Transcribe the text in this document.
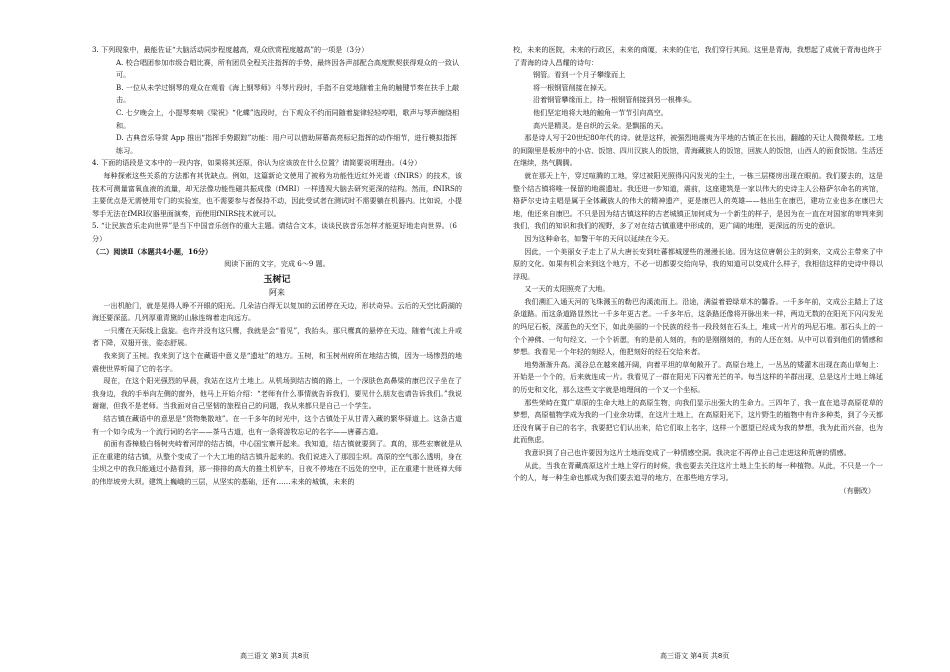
3. 下列现象中，最能佐证“大脑活动同步程度越高，观众欣赏程度越高”的一项是（3分）

A. 校合唱团参加市级合唱比赛，所有团员全程关注指挥的手势，最终因各声部配合高度默契获得观众的一致认可。

B. 一位从未学过钢琴的观众在观看《海上钢琴师》斗琴片段时，手指不自觉地随着主角的触键节奏在扶手上敲击。

C. 七夕晚会上，小提琴奏响《梁祝》“化蝶”选段时，台下观众不约而同随着旋律轻轻哼唱，歌声与琴声缠绕相和。

D. 古典音乐导赏 App 推出“指挥手势跟踪”功能：用户可以借助屏幕高亮标记指挥的动作细节，进行模拟指挥练习。

4. 下面的语段是文本中的一段内容，如果将其还原，你认为应该放在什么位置？请简要说明理由。（4分）

每种探索这些关系的方法都有其优缺点。例如，这篇新论文使用了被称为功能性近红外光谱（fNIRS）的技术，该技术可测量富氧血液的流量，却无法像功能性磁共振成像（fMRI）一样透视大脑去研究更深的结构。然而，fNIRS的主要优点是无需使用专门的实验室，也不需要参与者保持不动，因此受试者在测试时不需要躺在机器内。比如说，小提琴手无法在fMRI仪器里面演奏，而使用fNIRS技术就可以。

5. “让民族音乐走向世界”是当下中国音乐创作的重大主题。请结合文本，谈谈民族音乐怎样才能更好地走向世界。（6分）

（二）阅读Ⅱ（本题共4小题，16分）

阅读下面的文字，完成 6～9 题。

玉树记

阿来

一出机舱门，就是晃得人睁不开眼的阳光。几朵洁白得无以复加的云团停在天边，形状奇异。云后的天空比蔚湖的海还要深蓝。几列厚重青黛的山脉连绵着走向远方。

一只鹰在天际线上盘旋。也许并没有这只鹰，我就是会“看见”，我抬头，那只鹰真的悬停在天边，随着气流上升或者下降，双翅开张，姿态舒展。

我来到了玉树。我来到了这个在藏语中意义是“遗址”的地方。玉树，和玉树州府所在地结古镇，因为一场惨烈的地震使世界听闻了它的名字。

现在，在这个阳光强烈的早晨，我站在这片土地上。从机场到结古镇的路上，一个深肤色高鼻梁的康巴汉子坐在了我身边，我的手举向左侧的窗外，他马上开始介绍：“老师有什么事情就告诉我们，要见什么朋友也请告诉我们。”我说谢谢，但我不是老师。当我面对自己坚韧的旅程自己的问题，我从来都只是自己一个学生。

结古镇在藏语中的意思是“货物集散地”。在一千多年的时光中，这个古镇处于从甘青入藏的繁华驿道上。这条古道有一个如今成为一个流行词的名字——茶马古道，也有一条将游牧忘记的名字——唐蕃古道。

前面有香樟般白杨树夹峙着河岸的结古镇，中心国宝寨开起来。我知道，结古镇就要到了。真的，那些宏寨就是从正在重建的结古镇，从整个变成了一个大工地的结古镇升起来的。我们说进入了那园尘坝。高原的空气那么透明，身在尘坝之中的我只能通过小路看到，那一排排的高大的推土机铲车，日夜不停地在不远处的空中，正在重建十世班禅大师的伟岸坡旁大坝。建筑上巍峨的三层，从坚实的基础，还有……未来的城镇，未来的

校，未来的医院，未来的行政区，未来的商厦，未来的住宅，我们穿行其间。这里是青海，我想起了成就于青海也终于了青海的诗人昌耀的诗句：

钢管。看到一个月子攀缘而上

将一根钢管削接在掉天。

沿着钢管攀缘而上，持一根钢管削接到另一根榫头。

他们坚定地将大地的触角一节节引向高空。

高兴是精灵。是自织的云朵。是飘摇的天。

那是诗人写于20世纪80年代的诗。就是这样，被强烈地震夷为平地的古镇正在长出，翻越的天让人微微晕眩。工地的间隙里是板房中的小店、饭馆、四川汉族人的饭馆，青海藏族人的饭馆，回族人的饭馆，山西人的面食饭馆。生活还在继续，热气腾腾。

就在那天上午，穿过喧腾的工地，穿过被阳光照得闪闪发光的尘土，一栋三层楼房出现在眼前。我们要去的，这是整个结古镇将唯一保留的地震遗址。我还进一步知道，震前，这座建筑是一家以伟大的史诗主人公格萨尔命名的宾馆，格萨尔史诗主唱是属于全体藏族人的伟大的精神遗产，更是康巴人的英雄——他出生在康巴，建功立业也多在康巴大地，他还来自康巴。不只是因为结古镇这样的古老城镇正加何成为一个新生的样子，是因为在一直在对国家的审判来到我们，我们的知识和我们的视野，多了对在结古镇重建中形成的，更广阔的地理，更深远的历史的意识。

因为这种命名，如警干年的天问以延续在今天。

因此，一个美丽女子走上了从大唐长安到吐蕃都城逻些的漫漫长途。因为这位唐朝公主的到来，文成公主带来了中原的文化。如果有机会来到这个地方，不必一切都要交给向导，我的知道可以变成什么样子，我相信这样的史诗中得以浮现。

又一天的太阳照亮了大地。

我们溯汇入通天河的飞珠溅玉的勒巴沟溪流而上。沿途，满溢着碧绿草木的馨香。一千多年前，文成公主踏上了这条道路。而这条道路显然比一千多年更古老。一千多年后，这条路还像将开脉出来一样，两边无数的在阳光下闪闪发光的玛尼石板，深蓝色的天空下，如此美丽的一个民族的经书一段段刻在石头上，堆成一片片的玛尼石堆。那石头上的一个个神佛、一句句经文、一个个祈愿，有的是前人刻的，有的是刚刚刻的，有的人还在刻。从中可以看到他们的情感和梦想。我看见一个年轻的刻经人，他把刻好的经石交给来者。

地势渐渐升高。溪谷总在越来越开阔，向着平坦的草甸敞开了。高原台地上，一丛丛的矮灌木出现在高山草甸上：开始是一个个的，后来就连成一片。我看见了一群在阳光下闪着光芒的羊。每当这样的羊群出现，总是这片土地上绵延的历史和文化，那么这些文字就是地理间的一个又一个坐标。

那些荣峙在寬广草原的生命大地上的高原生物，向我们显示出强大的生命力。三四年了，我一直在追寻高原花草的梦想，高原植物学成为我的一门业余功课，在这片土地上，在高原阳光下，这片野生的植物中有许多种类，到了今天都还没有属于自己的名字，我要把它们认出来，给它们取上名字，这样一个愿望已经成为我的梦想，我为此而兴奋，也为此而焦虑。

我意识到了自己也许要因为这片土地而变成了一种情感空洞。我决定不再停止自己走进这种荒唐的情感。

从此，当我在青藏高原这片土地上穿行的时候，我也要去关注这片土地上生长的每一种植物。从此，不只是一个一个的人，每一种生命也都成为我们要去追寻的地方，在那些地方学习。

（有删改）

高三语文 第3页 共8页	高三语文 第4页 共8页
